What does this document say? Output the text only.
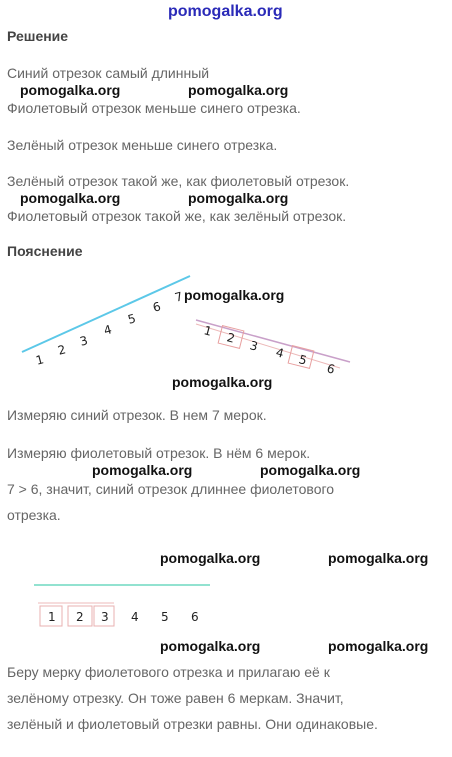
pomogalka.org
Решение
Синий отрезок самый длинный
pomogalka.org	pomogalka.org
Фиолетовый отрезок меньше синего отрезка.
Зелёный отрезок меньше синего отрезка.
Зелёный отрезок такой же, как фиолетовый отрезок.
pomogalka.org	pomogalka.org
Фиолетовый отрезок такой же, как зелёный отрезок.
Пояснение
1
2
3
4
5
6
7 pomogalka.org
1 2
3 4 5
6
pomogalka.org
Измеряю синий отрезок. В нем 7 мерок.
Измеряю фиолетовый отрезок. В нём 6 мерок.
pomogalka.org	pomogalka.org
7 > 6, значит, синий отрезок длиннее фиолетового
отрезка.
pomogalka.org	pomogalka.org
1 2 3 4 5 6
pomogalka.org	pomogalka.org
Беру мерку фиолетового отрезка и прилагаю её к
зелёному отрезку. Он тоже равен 6 меркам. Значит,
зелёный и фиолетовый отрезки равны. Они одинаковые.
